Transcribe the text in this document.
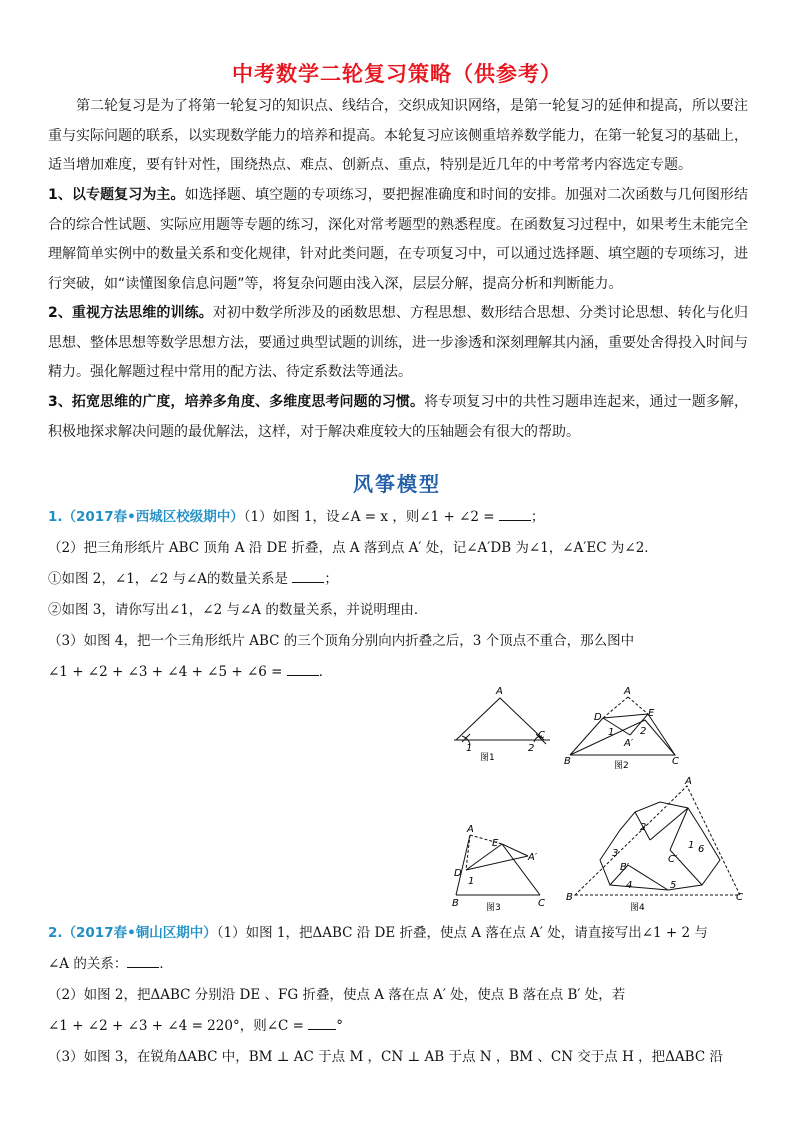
中考数学二轮复习策略（供参考）
第二轮复习是为了将第一轮复习的知识点、线结合，交织成知识网络，是第一轮复习的延伸和提高，所以要注重与实际问题的联系，以实现数学能力的培养和提高。本轮复习应该侧重培养数学能力，在第一轮复习的基础上，适当增加难度，要有针对性，围绕热点、难点、创新点、重点，特别是近几年的中考常考内容选定专题。
1、以专题复习为主。如选择题、填空题的专项练习，要把握准确度和时间的安排。加强对二次函数与几何图形结合的综合性试题、实际应用题等专题的练习，深化对常考题型的熟悉程度。在函数复习过程中，如果考生未能完全理解简单实例中的数量关系和变化规律，针对此类问题，在专项复习中，可以通过选择题、填空题的专项练习，进行突破，如“读懂图象信息问题”等，将复杂问题由浅入深，层层分解，提高分析和判断能力。
2、重视方法思维的训练。对初中数学所涉及的函数思想、方程思想、数形结合思想、分类讨论思想、转化与化归思想、整体思想等数学思想方法，要通过典型试题的训练，进一步渗透和深刻理解其内涵，重要处舍得投入时间与精力。强化解题过程中常用的配方法、待定系数法等通法。
3、拓宽思维的广度，培养多角度、多维度思考问题的习惯。将专项复习中的共性习题串连起来，通过一题多解，积极地探求解决问题的最优解法，这样，对于解决难度较大的压轴题会有很大的帮助。
风筝模型
1.（2017春•西城区校级期中）（1）如图 1，设∠A = x ，则∠1 + ∠2 = ；
（2）把三角形纸片 ABC 顶角 A 沿 DE 折叠，点 A 落到点 A′ 处，记∠A′DB 为∠1，∠A′EC 为∠2．
①如图 2，∠1，∠2 与∠A的数量关系是 ；
②如图 3，请你写出∠1，∠2 与∠A 的数量关系，并说明理由．
（3）如图 4，把一个三角形纸片 ABC 的三个顶角分别向内折叠之后，3 个顶点不重合，那么图中
∠1 + ∠2 + ∠3 + ∠4 + ∠5 + ∠6 = ．
A
1	2
C
图1
A
D	E
1	2
A′
B	C
图2
A
E
A′
D
1
B	C
图3
A
2
3
B′
4
1 6
C′
5
B	C
图4
2.（2017春•铜山区期中）（1）如图 1，把ΔABC 沿 DE 折叠，使点 A 落在点 A′ 处，请直接写出∠1 + 2 与
∠A 的关系： ．
（2）如图 2，把ΔABC 分别沿 DE 、FG 折叠，使点 A 落在点 A′ 处，使点 B 落在点 B′ 处，若
∠1 + ∠2 + ∠3 + ∠4 = 220°，则∠C = °
（3）如图 3，在锐角ΔABC 中，BM ⊥ AC 于点 M ，CN ⊥ AB 于点 N ，BM 、CN 交于点 H ，把ΔABC 沿
